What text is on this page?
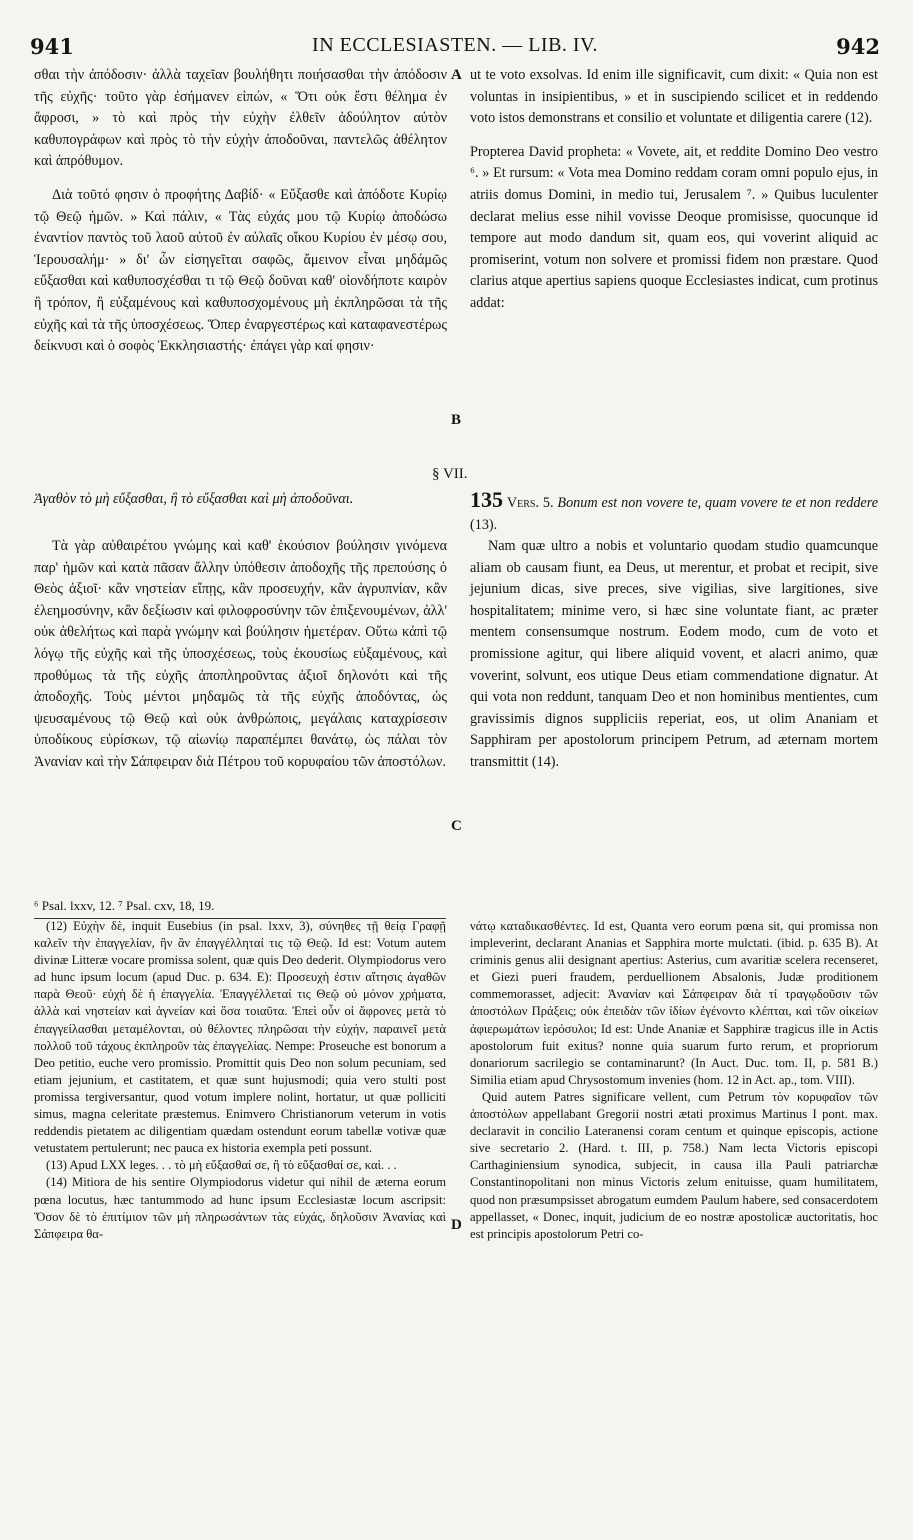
941	IN ECCLESIASTEN. — LIB. IV.	942

σθαι τὴν ἀπόδοσιν· ἀλλὰ ταχεῖαν βουλήθητι ποιήσασθαι τὴν ἀπόδοσιν τῆς εὐχῆς· τοῦτο γὰρ ἐσήμανεν εἰπών, « Ὅτι οὐκ ἔστι θέλημα ἐν ἄφροσι, » τὸ καὶ πρὸς τὴν εὐχὴν ἐλθεῖν ἀδούλητον αὐτὸν καθυπογράφων καὶ πρὸς τὸ τὴν εὐχὴν ἀποδοῦναι, παντελῶς ἀθέλητον καὶ ἀπρόθυμον.

Διὰ τοῦτό φησιν ὁ προφήτης Δαβίδ· « Εὔξασθε καὶ ἀπόδοτε Κυρίῳ τῷ Θεῷ ἡμῶν. » Καὶ πάλιν, « Τὰς εὐχάς μου τῷ Κυρίῳ ἀποδώσω ἐναντίον παντὸς τοῦ λαοῦ αὐτοῦ ἐν αὐλαῖς οἴκου Κυρίου ἐν μέσῳ σου, Ἱερουσαλήμ· » δι' ὧν εἰσηγεῖται σαφῶς, ἄμεινον εἶναι μηδάμῶς εὔξασθαι καὶ καθυποσχέσθαι τι τῷ Θεῷ δοῦναι καθ' οἱονδήποτε καιρὸν ἢ τρόπον, ἢ εὐξαμένους καὶ καθυποσχομένους μὴ ἐκπληρῶσαι τὰ τῆς εὐχῆς καὶ τὰ τῆς ὑποσχέσεως. Ὅπερ ἐναργεστέρως καὶ καταφανεστέρως δείκνυσι καὶ ὁ σοφὸς Ἐκκλησιαστής· ἐπάγει γὰρ καί φησιν·

ut te voto exsolvas. Id enim ille significavit, cum dixit: « Quia non est voluntas in insipientibus, » et in suscipiendo scilicet et in reddendo voto istos demonstrans et consilio et voluntate et diligentia carere (12).

Propterea David propheta: « Vovete, ait, et reddite Domino Deo vestro ⁶. » Et rursum: « Vota mea Domino reddam coram omni populo ejus, in atriis domus Domini, in medio tui, Jerusalem ⁷. » Quibus luculenter declarat melius esse nihil vovisse Deoque promisisse, quocunque id tempore aut modo dandum sit, quam eos, qui voverint aliquid ac promiserint, votum non solvere et promissi fidem non præstare. Quod clarius atque apertius sapiens quoque Ecclesiastes indicat, cum protinus addat:

A
B
C
D
§ VII.

Ἀγαθὸν τὸ μὴ εὔξασθαι, ἢ τὸ εὔξασθαι καὶ μὴ ἀποδοῦναι.	135 Vers. 5. Bonum est non vovere te, quam vovere te et non reddere (13).

Τὰ γὰρ αὐθαιρέτου γνώμης καὶ καθ' ἑκούσιον βούλησιν γινόμενα παρ' ἡμῶν καὶ κατὰ πᾶσαν ἄλλην ὑπόθεσιν ἀποδοχῆς τῆς πρεπούσης ὁ Θεὸς ἀξιοῖ· κἂν νηστείαν εἴπῃς, κἂν προσευχήν, κἂν ἀγρυπνίαν, κἂν ἐλεημοσύνην, κἂν δεξίωσιν καὶ φιλοφροσύνην τῶν ἐπιξενουμένων, ἀλλ' οὐκ ἀθελήτως καὶ παρὰ γνώμην καὶ βούλησιν ἡμετέραν. Οὕτω κἀπὶ τῷ λόγῳ τῆς εὐχῆς καὶ τῆς ὑποσχέσεως, τοὺς ἑκουσίως εὐξαμένους, καὶ προθύμως τὰ τῆς εὐχῆς ἀποπληροῦντας ἀξιοῖ δηλονότι καὶ τῆς ἀποδοχῆς. Τοὺς μέντοι μηδαμῶς τὰ τῆς εὐχῆς ἀποδόντας, ὡς ψευσαμένους τῷ Θεῷ καὶ οὐκ ἀνθρώποις, μεγάλαις καταχρίσεσιν ὑποδίκους εὑρίσκων, τῷ αἰωνίῳ παραπέμπει θανάτῳ, ὡς πάλαι τὸν Ἀνανίαν καὶ τὴν Σάπφειραν διὰ Πέτρου τοῦ κορυφαίου τῶν ἀποστόλων.

Nam quæ ultro a nobis et voluntario quodam studio quamcunque aliam ob causam fiunt, ea Deus, ut merentur, et probat et recipit, sive jejunium dicas, sive preces, sive vigilias, sive largitiones, sive hospitalitatem; minime vero, si hæc sine voluntate fiant, ac præter mentem consensumque nostrum. Eodem modo, cum de voto et promissione agitur, qui libere aliquid vovent, et alacri animo, quæ voverint, solvunt, eos utique Deus etiam commendatione dignatur. At qui vota non reddunt, tanquam Deo et non hominibus mentientes, cum gravissimis dignos suppliciis reperiat, eos, ut olim Ananiam et Sapphiram per apostolorum principem Petrum, ad æternam mortem transmittit (14).

⁶ Psal. lxxv, 12. ⁷ Psal. cxv, 18, 19.

(12) Εὐχὴν δὲ, inquit Eusebius (in psal. lxxv, 3), σύνηθες τῇ θείᾳ Γραφῇ καλεῖν τὴν ἐπαγγελίαν, ἣν ἂν ἐπαγγέλληταί τις τῷ Θεῷ. Id est: Votum autem divinæ Litteræ vocare promissa solent, quæ quis Deo dederit. Olympiodorus vero ad hunc ipsum locum (apud Duc. p. 634. E): Προσευχὴ ἐστιν αἴτησις ἀγαθῶν παρὰ Θεοῦ· εὐχὴ δὲ ἡ ἐπαγγελία. Ἐπαγγέλλεταί τις Θεῷ οὐ μόνον χρήματα, ἀλλὰ καὶ νηστείαν καὶ ἁγνείαν καὶ ὅσα τοιαῦτα. Ἐπεὶ οὖν οἱ ἄφρονες μετὰ τὸ ἐπαγγείλασθαι μεταμέλονται, οὐ θέλοντες πληρῶσαι τὴν εὐχήν, παραινεῖ μετὰ πολλοῦ τοῦ τάχους ἐκπληροῦν τὰς ἐπαγγελίας. Nempe: Proseuche est bonorum a Deo petitio, euche vero promissio. Promittit quis Deo non solum pecuniam, sed etiam jejunium, et castitatem, et quæ sunt hujusmodi; quia vero stulti post promissa tergiversantur, quod votum implere nolint, hortatur, ut quæ polliciti simus, magna celeritate præstemus. Enimvero Christianorum veterum in votis reddendis pietatem ac diligentiam quædam ostendunt eorum tabellæ votivæ quæ vetustatem pertulerunt; nec pauca ex historia exempla peti possunt.

(13) Apud LXX leges. . . τὸ μὴ εὔξασθαί σε, ἢ τὸ εὔξασθαί σε, καὶ. . .

(14) Mitiora de his sentire Olympiodorus videtur qui nihil de æterna eorum pœna locutus, hæc tantummodo ad hunc ipsum Ecclesiastæ locum ascripsit: Ὅσον δὲ τὸ ἐπιτίμιον τῶν μὴ πληρωσάντων τὰς εὐχάς, δηλοῦσιν Ἀνανίας καὶ Σάπφειρα θα-

νάτῳ καταδικασθέντες. Id est, Quanta vero eorum pœna sit, qui promissa non impleverint, declarant Ananias et Sapphira morte mulctati. (ibid. p. 635 B). At criminis genus alii designant apertius: Asterius, cum avaritiæ scelera recenseret, et Giezi pueri fraudem, perduellionem Absalonis, Judæ proditionem commemorasset, adjecit: Ἀνανίαν καὶ Σάπφειραν διὰ τί τραγῳδοῦσιν τῶν ἀποστόλων Πράξεις; οὐκ ἐπειδὰν τῶν ἰδίων ἐγένοντο κλέπται, καὶ τῶν οἰκείων ἀφιερωμάτων ἱερόσυλοι; Id est: Unde Ananiæ et Sapphiræ tragicus ille in Actis apostolorum fuit exitus? nonne quia suarum furto rerum, et propriorum donariorum sacrilegio se contaminarunt? (In Auct. Duc. tom. II, p. 581 B.) Similia etiam apud Chrysostomum invenies (hom. 12 in Act. ap., tom. VIII).

Quid autem Patres significare vellent, cum Petrum τὸν κορυφαῖον τῶν ἀποστόλων appellabant Gregorii nostri ætati proximus Martinus I pont. max. declaravit in concilio Lateranensi coram centum et quinque episcopis, actione sive secretario 2. (Hard. t. III, p. 758.) Nam lecta Victoris episcopi Carthaginiensium synodica, subjecit, in causa illa Pauli patriarchæ Constantinopolitani non minus Victoris zelum enituisse, quam humilitatem, quod non præsumpsisset abrogatum eumdem Paulum habere, sed consacerdotem appellasset, « Donec, inquit, judicium de eo nostræ apostolicæ auctoritatis, hoc est principis apostolorum Petri co-
